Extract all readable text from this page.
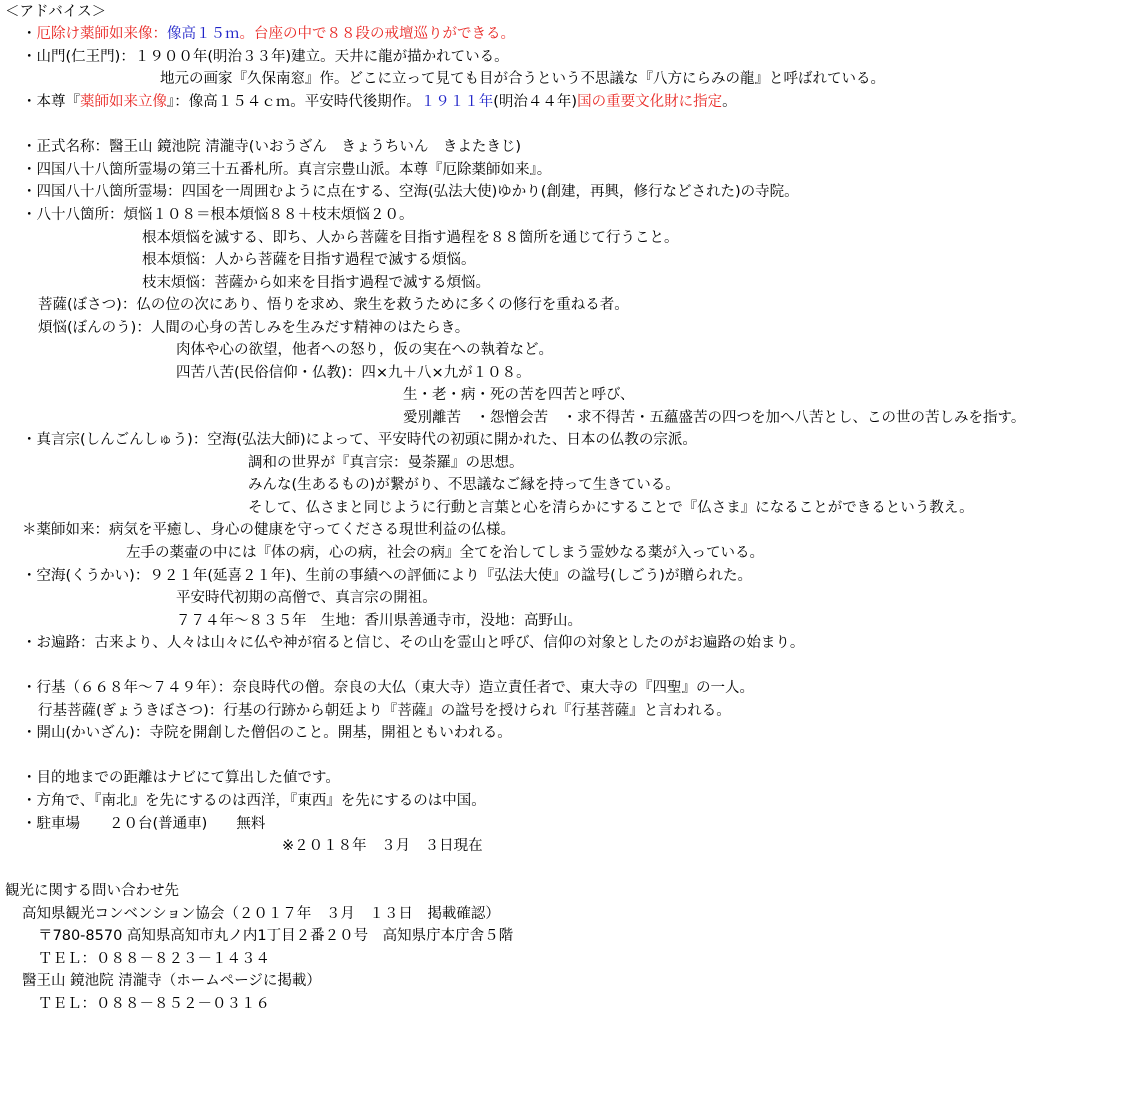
＜アドバイス＞
・厄除け薬師如来像：像高１５ｍ。台座の中で８８段の戒壇巡りができる。
・山門(仁王門)：１９００年(明治３３年)建立。天井に龍が描かれている。
地元の画家『久保南窓』作。どこに立って見ても目が合うという不思議な『八方にらみの龍』と呼ばれている。
・本尊『薬師如来立像』：像高１５４ｃｍ。平安時代後期作。１９１１年(明治４４年)国の重要文化財に指定。
・正式名称：醫王山 鏡池院 清瀧寺(いおうざん　きょうちいん　きよたきじ)
・四国八十八箇所霊場の第三十五番札所。真言宗豊山派。本尊『厄除薬師如来』。
・四国八十八箇所霊場：四国を一周囲むように点在する、空海(弘法大使)ゆかり(創建，再興，修行などされた)の寺院。
・八十八箇所：煩悩１０８＝根本煩悩８８＋枝末煩悩２０。
根本煩悩を滅する、即ち、人から菩薩を目指す過程を８８箇所を通じて行うこと。
根本煩悩：人から菩薩を目指す過程で滅する煩悩。
枝末煩悩：菩薩から如来を目指す過程で滅する煩悩。
菩薩(ぼさつ)：仏の位の次にあり、悟りを求め、衆生を救うために多くの修行を重ねる者。
煩悩(ぼんのう)：人間の心身の苦しみを生みだす精神のはたらき。
肉体や心の欲望，他者への怒り，仮の実在への執着など。
四苦八苦(民俗信仰・仏教)：四×九＋八×九が１０８。
生・老・病・死の苦を四苦と呼び、
愛別離苦　・怨憎会苦　・求不得苦・五蘊盛苦の四つを加へ八苦とし、この世の苦しみを指す。
・真言宗(しんごんしゅう)：空海(弘法大師)によって、平安時代の初頭に開かれた、日本の仏教の宗派。
調和の世界が『真言宗：曼荼羅』の思想。
みんな(生あるもの)が繋がり、不思議なご縁を持って生きている。
そして、仏さまと同じように行動と言葉と心を清らかにすることで『仏さま』になることができるという教え。
＊薬師如来：病気を平癒し、身心の健康を守ってくださる現世利益の仏様。
左手の薬壷の中には『体の病，心の病，社会の病』全てを治してしまう霊妙なる薬が入っている。
・空海(くうかい)：９２１年(延喜２１年)、生前の事績への評価により『弘法大使』の諡号(しごう)が贈られた。
平安時代初期の高僧で、真言宗の開祖。
７７４年～８３５年　生地：香川県善通寺市，没地：高野山。
・お遍路：古来より、人々は山々に仏や神が宿ると信じ、その山を霊山と呼び、信仰の対象としたのがお遍路の始まり。
・行基（６６８年～７４９年）：奈良時代の僧。奈良の大仏（東大寺）造立責任者で、東大寺の『四聖』の一人。
行基菩薩(ぎょうきぼさつ)：行基の行跡から朝廷より『菩薩』の諡号を授けられ『行基菩薩』と言われる。
・開山(かいざん)：寺院を開創した僧侶のこと。開基，開祖ともいわれる。
・目的地までの距離はナビにて算出した値です。
・方角で、『南北』を先にするのは西洋，『東西』を先にするのは中国。
・駐車場　　２０台(普通車)　　無料
※２０１８年　３月　３日現在
観光に関する問い合わせ先
高知県観光コンベンション協会（２０１７年　３月　１３日　掲載確認）
〒780-8570 高知県高知市丸ノ内1丁目２番２０号　高知県庁本庁舎５階
ＴＥＬ：０８８－８２３－１４３４
醫王山 鏡池院 清瀧寺（ホームページに掲載）
ＴＥＬ：０８８－８５２－０３１６
